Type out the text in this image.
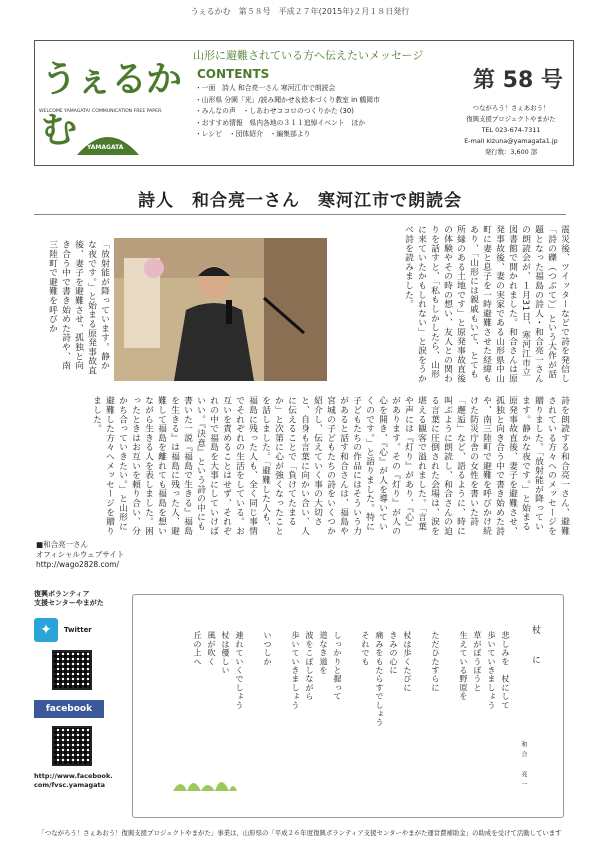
うぇるかむ　第５８号　平成２７年(2015年)２月１８日発行
うぇるかむ
WELCOME YAMAGATA! COMMUNICATION FREE PAPER.
YAMAGATA
山形に避難されている方へ伝えたいメッセージ
CONTENTS
・ 一面　詩人 和合亮一さん 寒河江市で朗読会
・ 山形県 分園「光」/読み聞かせ＆絵本づくり教室 in 鶴岡市
・ みんなの声　・しあわせココロのつくりかた (30)
・ おすすめ情報　県内各地の３１１追悼イベント　ほか
・ レシピ　・団体紹介　・編集部より
第 58 号
つながろう！さぇあおう！
復興支援プロジェクトやまがた
TEL 023-674-7311
E-mail kizuna@yamagata1.jp
発行数：3,600 部
詩人　和合亮一さん　寒河江市で朗読会
震災後、ツイッターなどで詩を発信し「詩の礫（つぶて）」という大作が話題となった福島の詩人・和合亮一さんの朗読会が、１月31日、寒河江市立図書館で開かれました。和合さんは原発事故後、妻の実家である山形県中山町に妻と息子を一時避難させた経緯もあり、「山形には親戚もいて、とても所縁のある土地です」と原発事故直後の体験やその時の想い、友人との関わりを話すと、「私もしかしたら、山形に来ていたかもしれない」と涙をうかべ詩を読みました。
「放射能が降っています。静かな夜です。」と始まる原発事故直後、妻子を避難させ、孤独と向き合う中で書き始めた詩や、南三陸町で避難を呼びか
詩を朗読する和合亮一さん、避難されている方々へのメッセージを贈りました。「放射能が降っています。静かな夜です。」と始まる原発事故直後、妻子を避難させ、孤独と向き合う中で書き始めた詩や、南三陸町で避難を呼びかけ続けた防災庁舎の女性を書いた詩「邂逅」など、語るように、時に叫ぶように朗読し、和合さんの迫る言葉に圧倒された会場は、涙を堪える観客で溢れました。「言葉や声には『灯り』があり、『心』があります。その『灯り』が人の心を開き、『心』が人を導いていくのです。」と語りました。特に子どもたちの作品にはそういう力があると話す和合さんは、福島や宮城の子どもたちの詩をいくつか紹介し、伝えていく事の大切さと、自身も言葉に向かい合い、人に伝えることで「負けてたまるか」と次第に心が強くなったことを話しました。「避難した人も、福島に残った人も、全く同じ事情でそれぞれの生活をしている。お互いを責めることはせず、それぞれの中で福島を大事にしていけばいい。『決意』という詩の中にも書いた一説『福島で生きる』福島を生きる』は福島に残った人、避難して福島を離れても福島を想いながら生きる人を表しました。困ったときはお互いを頼り合い、分かち合っていきたい。」と山形に避難した方々へメッセージを贈りました。
■和合亮一さん
オフィシャルウェブサイト
http://wago2828.com/
復興ボランティア
支援センターやまがた
✦	Twitter
facebook
http://www.facebook.
com/fvsc.yamagata
杖　に
和合　亮一
悲しみを　杖にして
歩いていきましょう
草がぼうぼうと
生えている野原を

ただひたすらに

杖は歩くたびに
きみの心に
痛みをもたらすでしょう
それでも

しっかりと握って
道なき道を
波をこぼしながら
歩いていきましょう

いつしか

連れていくでしょう
杖は優しい
風が吹く
丘の上へ
「つながろう！さぇあおう！復興支援プロジェクトやまがた」事業は、山形県の「平成２６年度復興ボランティア支援センターやまがた運営費補助金」の助成を受けて活動しています
